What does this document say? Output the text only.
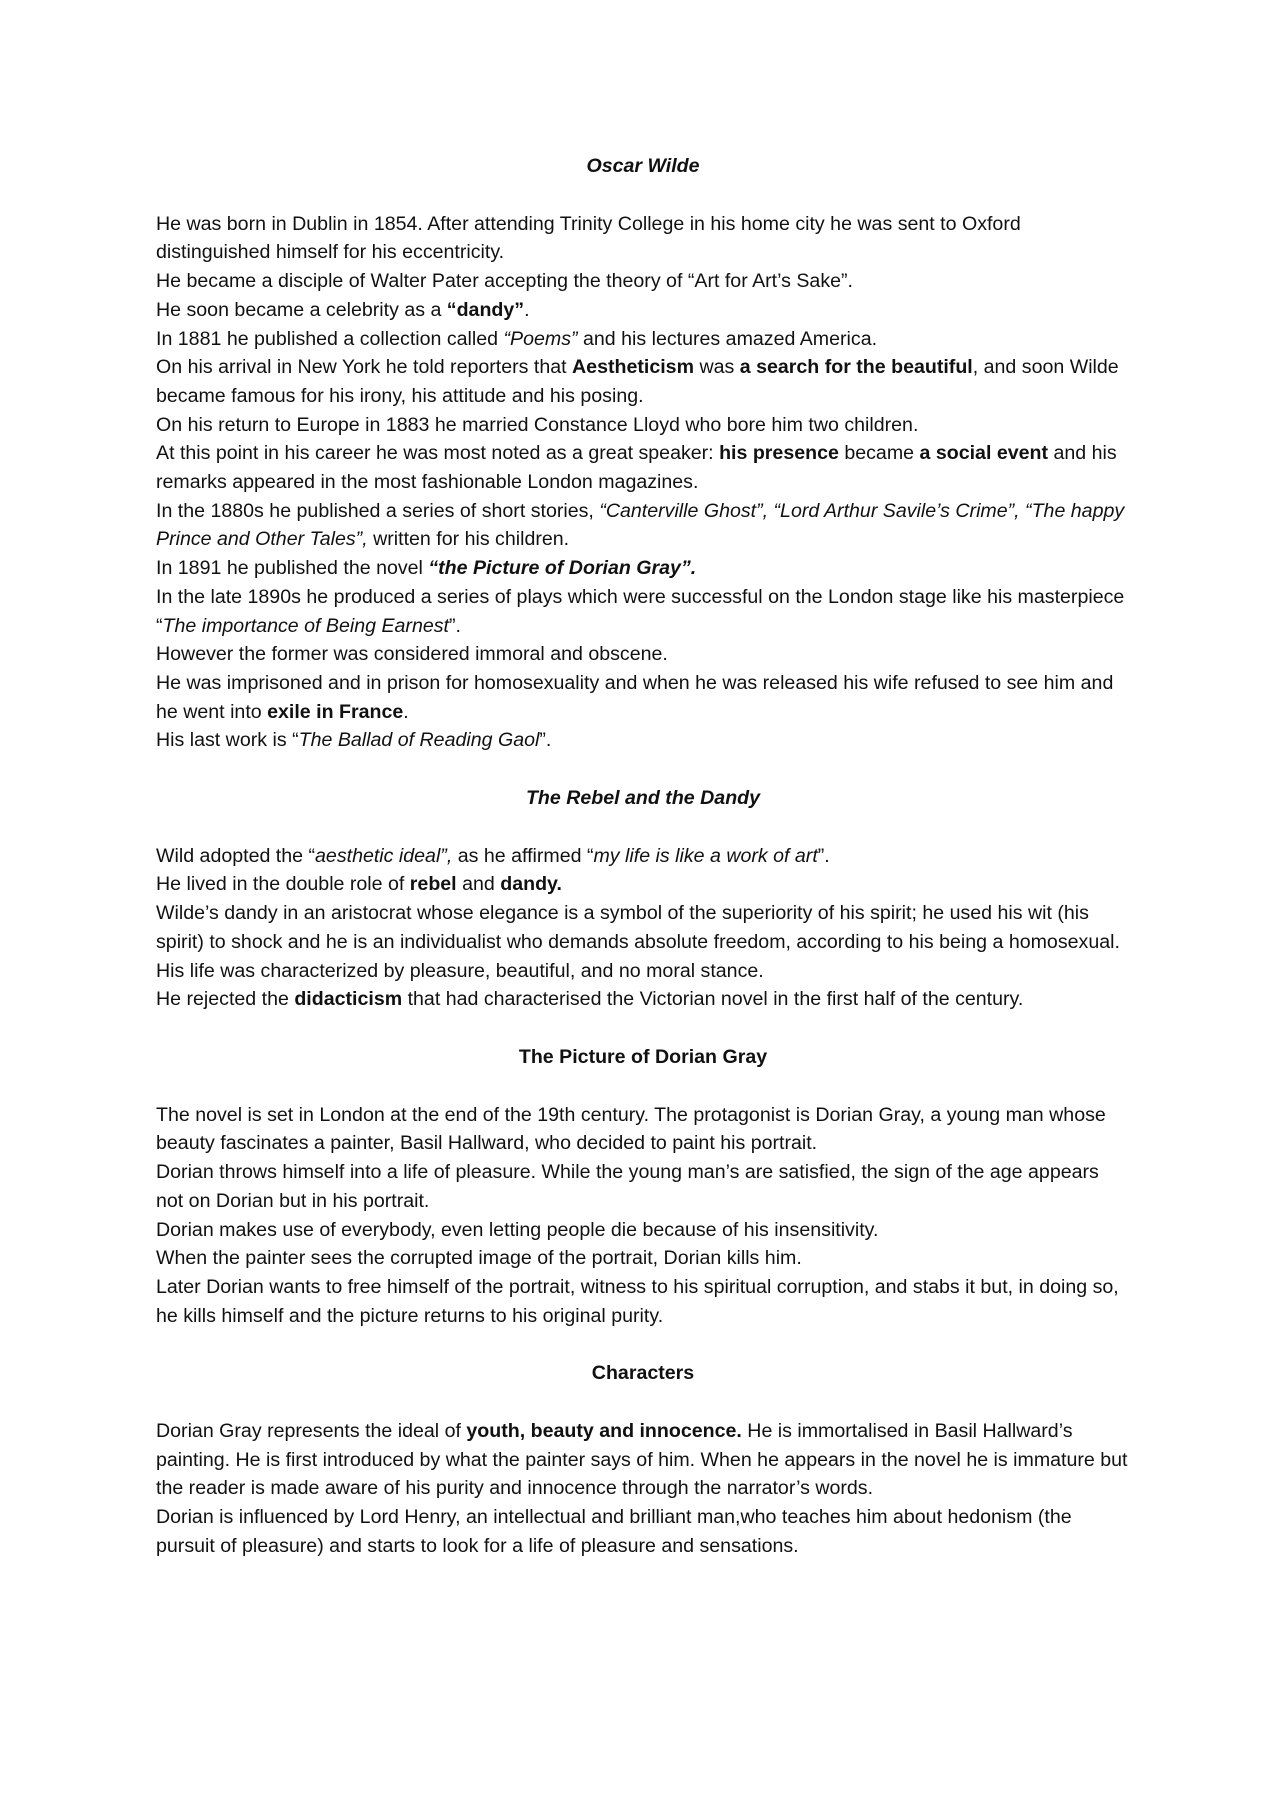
Oscar Wilde

He was born in Dublin in 1854. After attending Trinity College in his home city he was sent to Oxford distinguished himself for his eccentricity.

He became a disciple of Walter Pater accepting the theory of “Art for Art’s Sake”.

He soon became a celebrity as a “dandy”.

In 1881 he published a collection called “Poems” and his lectures amazed America.

On his arrival in New York he told reporters that Aestheticism was a search for the beautiful, and soon Wilde became famous for his irony, his attitude and his posing.

On his return to Europe in 1883 he married Constance Lloyd who bore him two children.

At this point in his career he was most noted as a great speaker: his presence became a social event and his remarks appeared in the most fashionable London magazines.

In the 1880s he published a series of short stories, “Canterville Ghost”, “Lord Arthur Savile’s Crime”, “The happy Prince and Other Tales”, written for his children.

In 1891 he published the novel “the Picture of Dorian Gray”.

In the late 1890s he produced a series of plays which were successful on the London stage like his masterpiece “The importance of Being Earnest”.

However the former was considered immoral and obscene.

He was imprisoned and in prison for homosexuality and when he was released his wife refused to see him and he went into exile in France.

His last work is “The Ballad of Reading Gaol”.

The Rebel and the Dandy

Wild adopted the “aesthetic ideal”, as he affirmed “my life is like a work of art”.

He lived in the double role of rebel and dandy.

Wilde’s dandy in an aristocrat whose elegance is a symbol of the superiority of his spirit; he used his wit (his spirit) to shock and he is an individualist who demands absolute freedom, according to his being a homosexual.

His life was characterized by pleasure, beautiful, and no moral stance.

He rejected the didacticism that had characterised the Victorian novel in the first half of the century.

The Picture of Dorian Gray

The novel is set in London at the end of the 19th century. The protagonist is Dorian Gray, a young man whose beauty fascinates a painter, Basil Hallward, who decided to paint his portrait.

Dorian throws himself into a life of pleasure. While the young man’s are satisfied, the sign of the age appears not on Dorian but in his portrait.

Dorian makes use of everybody, even letting people die because of his insensitivity.

When the painter sees the corrupted image of the portrait, Dorian kills him.

Later Dorian wants to free himself of the portrait, witness to his spiritual corruption, and stabs it but, in doing so, he kills himself and the picture returns to his original purity.

Characters

Dorian Gray represents the ideal of youth, beauty and innocence. He is immortalised in Basil Hallward’s painting. He is first introduced by what the painter says of him. When he appears in the novel he is immature but the reader is made aware of his purity and innocence through the narrator’s words.

Dorian is influenced by Lord Henry, an intellectual and brilliant man,who teaches him about hedonism (the pursuit of pleasure) and starts to look for a life of pleasure and sensations.
